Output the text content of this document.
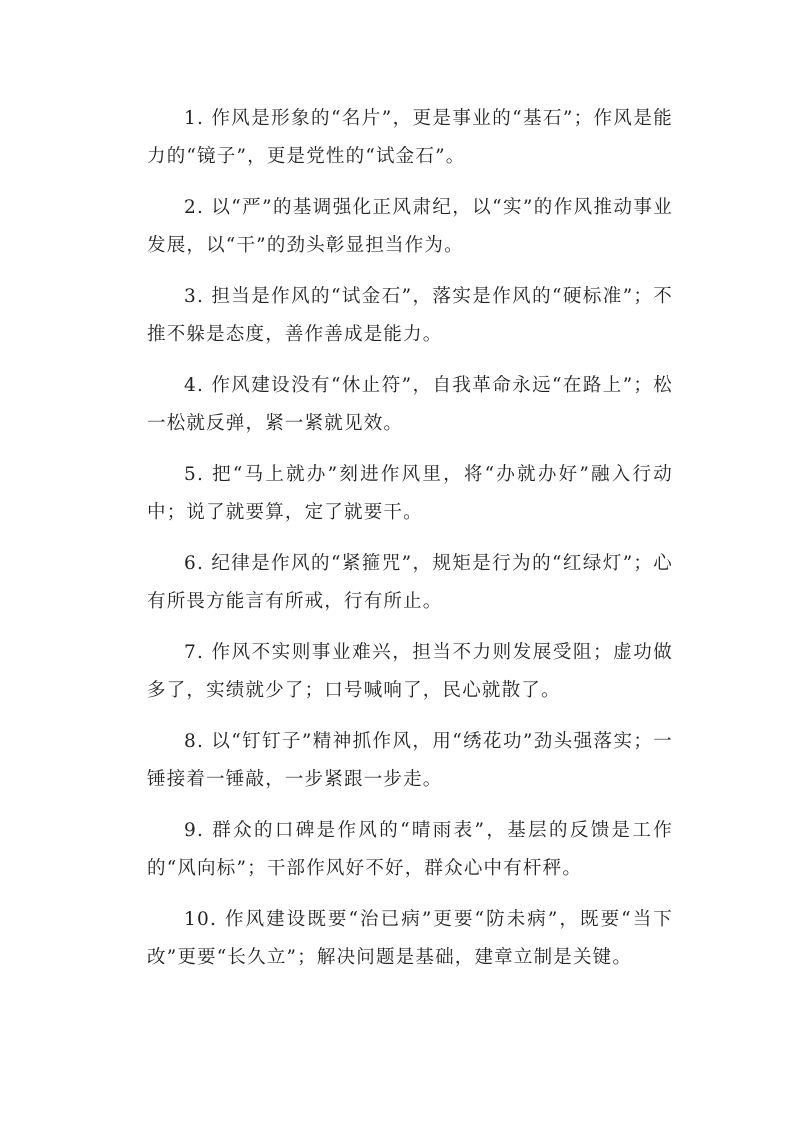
1. 作风是形象的“名片”，更是事业的“基石”；作风是能力的“镜子”，更是党性的“试金石”。

2. 以“严”的基调强化正风肃纪，以“实”的作风推动事业发展，以“干”的劲头彰显担当作为。

3. 担当是作风的“试金石”，落实是作风的“硬标准”；不推不躲是态度，善作善成是能力。

4. 作风建设没有“休止符”，自我革命永远“在路上”；松一松就反弹，紧一紧就见效。

5. 把“马上就办”刻进作风里，将“办就办好”融入行动中；说了就要算，定了就要干。

6. 纪律是作风的“紧箍咒”，规矩是行为的“红绿灯”；心有所畏方能言有所戒，行有所止。

7. 作风不实则事业难兴，担当不力则发展受阻；虚功做多了，实绩就少了；口号喊响了，民心就散了。

8. 以“钉钉子”精神抓作风，用“绣花功”劲头强落实；一锤接着一锤敲，一步紧跟一步走。

9. 群众的口碑是作风的“晴雨表”，基层的反馈是工作的“风向标”；干部作风好不好，群众心中有杆秤。

10. 作风建设既要“治已病”更要“防未病”，既要“当下改”更要“长久立”；解决问题是基础，建章立制是关键。
